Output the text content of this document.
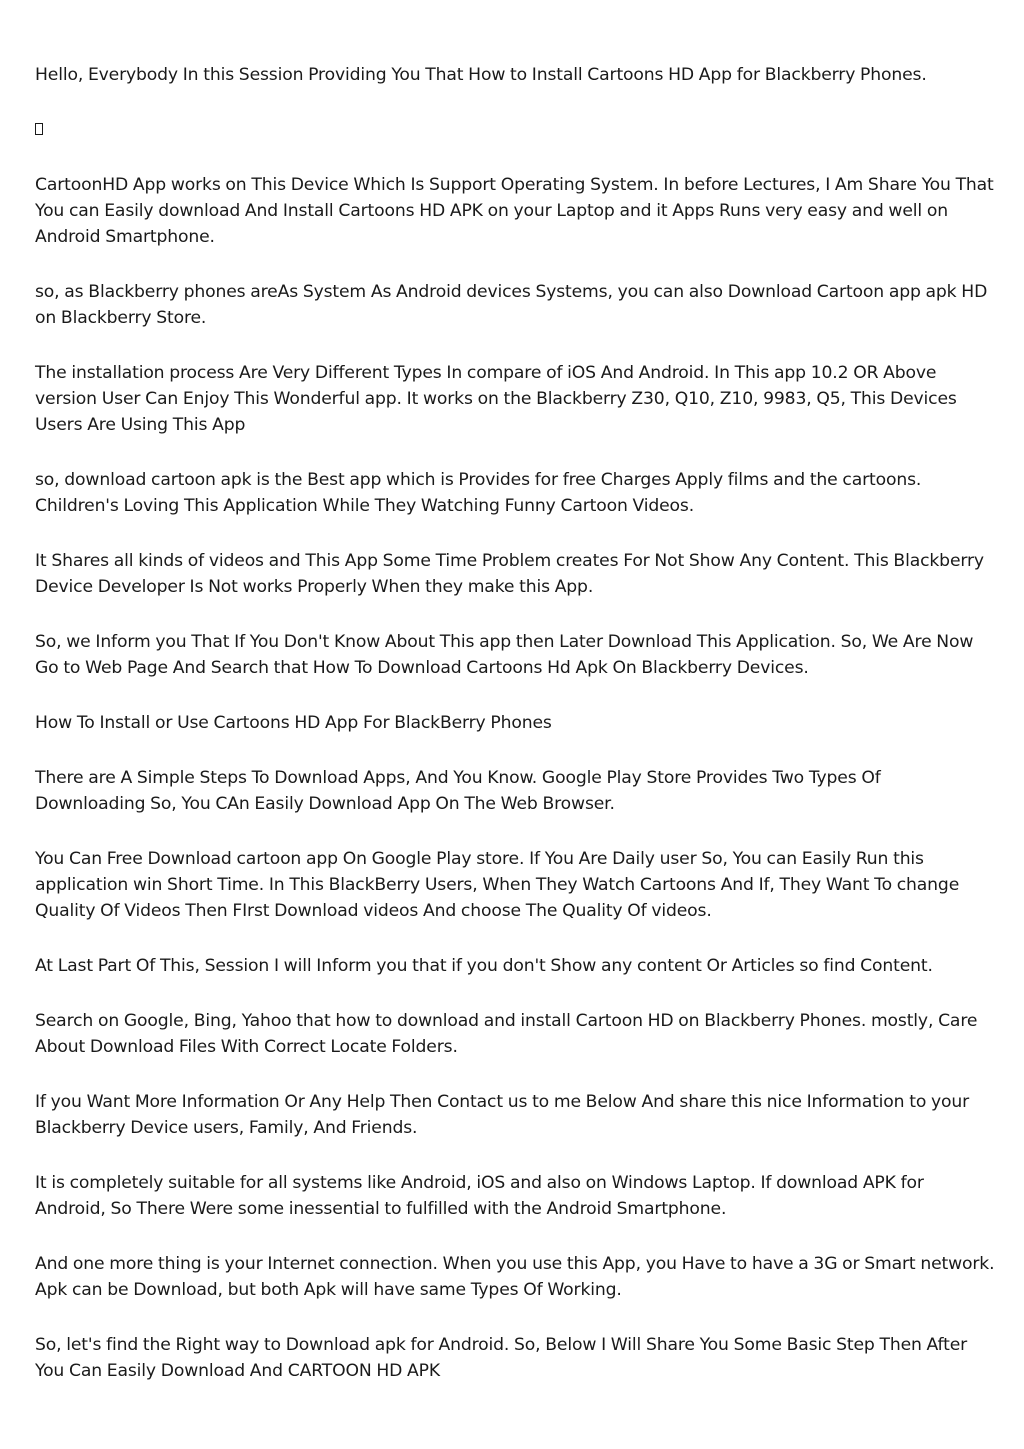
Hello, Everybody In this Session Providing You That How to Install Cartoons HD App for Blackberry Phones.

CartoonHD App works on This Device Which Is Support Operating System. In before Lectures, I Am Share You That You can Easily download And Install Cartoons HD APK on your Laptop and it Apps Runs very easy and well on Android Smartphone.

so, as Blackberry phones areAs System As Android devices Systems, you can also Download Cartoon app apk HD on Blackberry Store.

The installation process Are Very Different Types In compare of iOS And Android. In This app 10.2 OR Above version User Can Enjoy This Wonderful app. It works on the Blackberry Z30, Q10, Z10, 9983, Q5, This Devices Users Are Using This App

so, download cartoon apk is the Best app which is Provides for free Charges Apply films and the cartoons. Children's Loving This Application While They Watching Funny Cartoon Videos.

It Shares all kinds of videos and This App Some Time Problem creates For Not Show Any Content. This Blackberry Device Developer Is Not works Properly When they make this App.

So, we Inform you That If You Don't Know About This app then Later Download This Application. So, We Are Now Go to Web Page And Search that How To Download Cartoons Hd Apk On Blackberry Devices.

How To Install or Use Cartoons HD App For BlackBerry Phones

There are A Simple Steps To Download Apps, And You Know. Google Play Store Provides Two Types Of Downloading So, You CAn Easily Download App On The Web Browser.

You Can Free Download cartoon app On Google Play store. If You Are Daily user So, You can Easily Run this application win Short Time. In This BlackBerry Users, When They Watch Cartoons And If, They Want To change Quality Of Videos Then FIrst Download videos And choose The Quality Of videos.

At Last Part Of This, Session I will Inform you that if you don't Show any content Or Articles so find Content.

Search on Google, Bing, Yahoo that how to download and install Cartoon HD on Blackberry Phones. mostly, Care About Download Files With Correct Locate Folders.

If you Want More Information Or Any Help Then Contact us to me Below And share this nice Information to your Blackberry Device users, Family, And Friends.

It is completely suitable for all systems like Android, iOS and also on Windows Laptop. If download APK for Android, So There Were some inessential to fulfilled with the Android Smartphone.

And one more thing is your Internet connection. When you use this App, you Have to have a 3G or Smart network. Apk can be Download, but both Apk will have same Types Of Working.

So, let's find the Right way to Download apk for Android. So, Below I Will Share You Some Basic Step Then After You Can Easily Download And CARTOON HD APK
